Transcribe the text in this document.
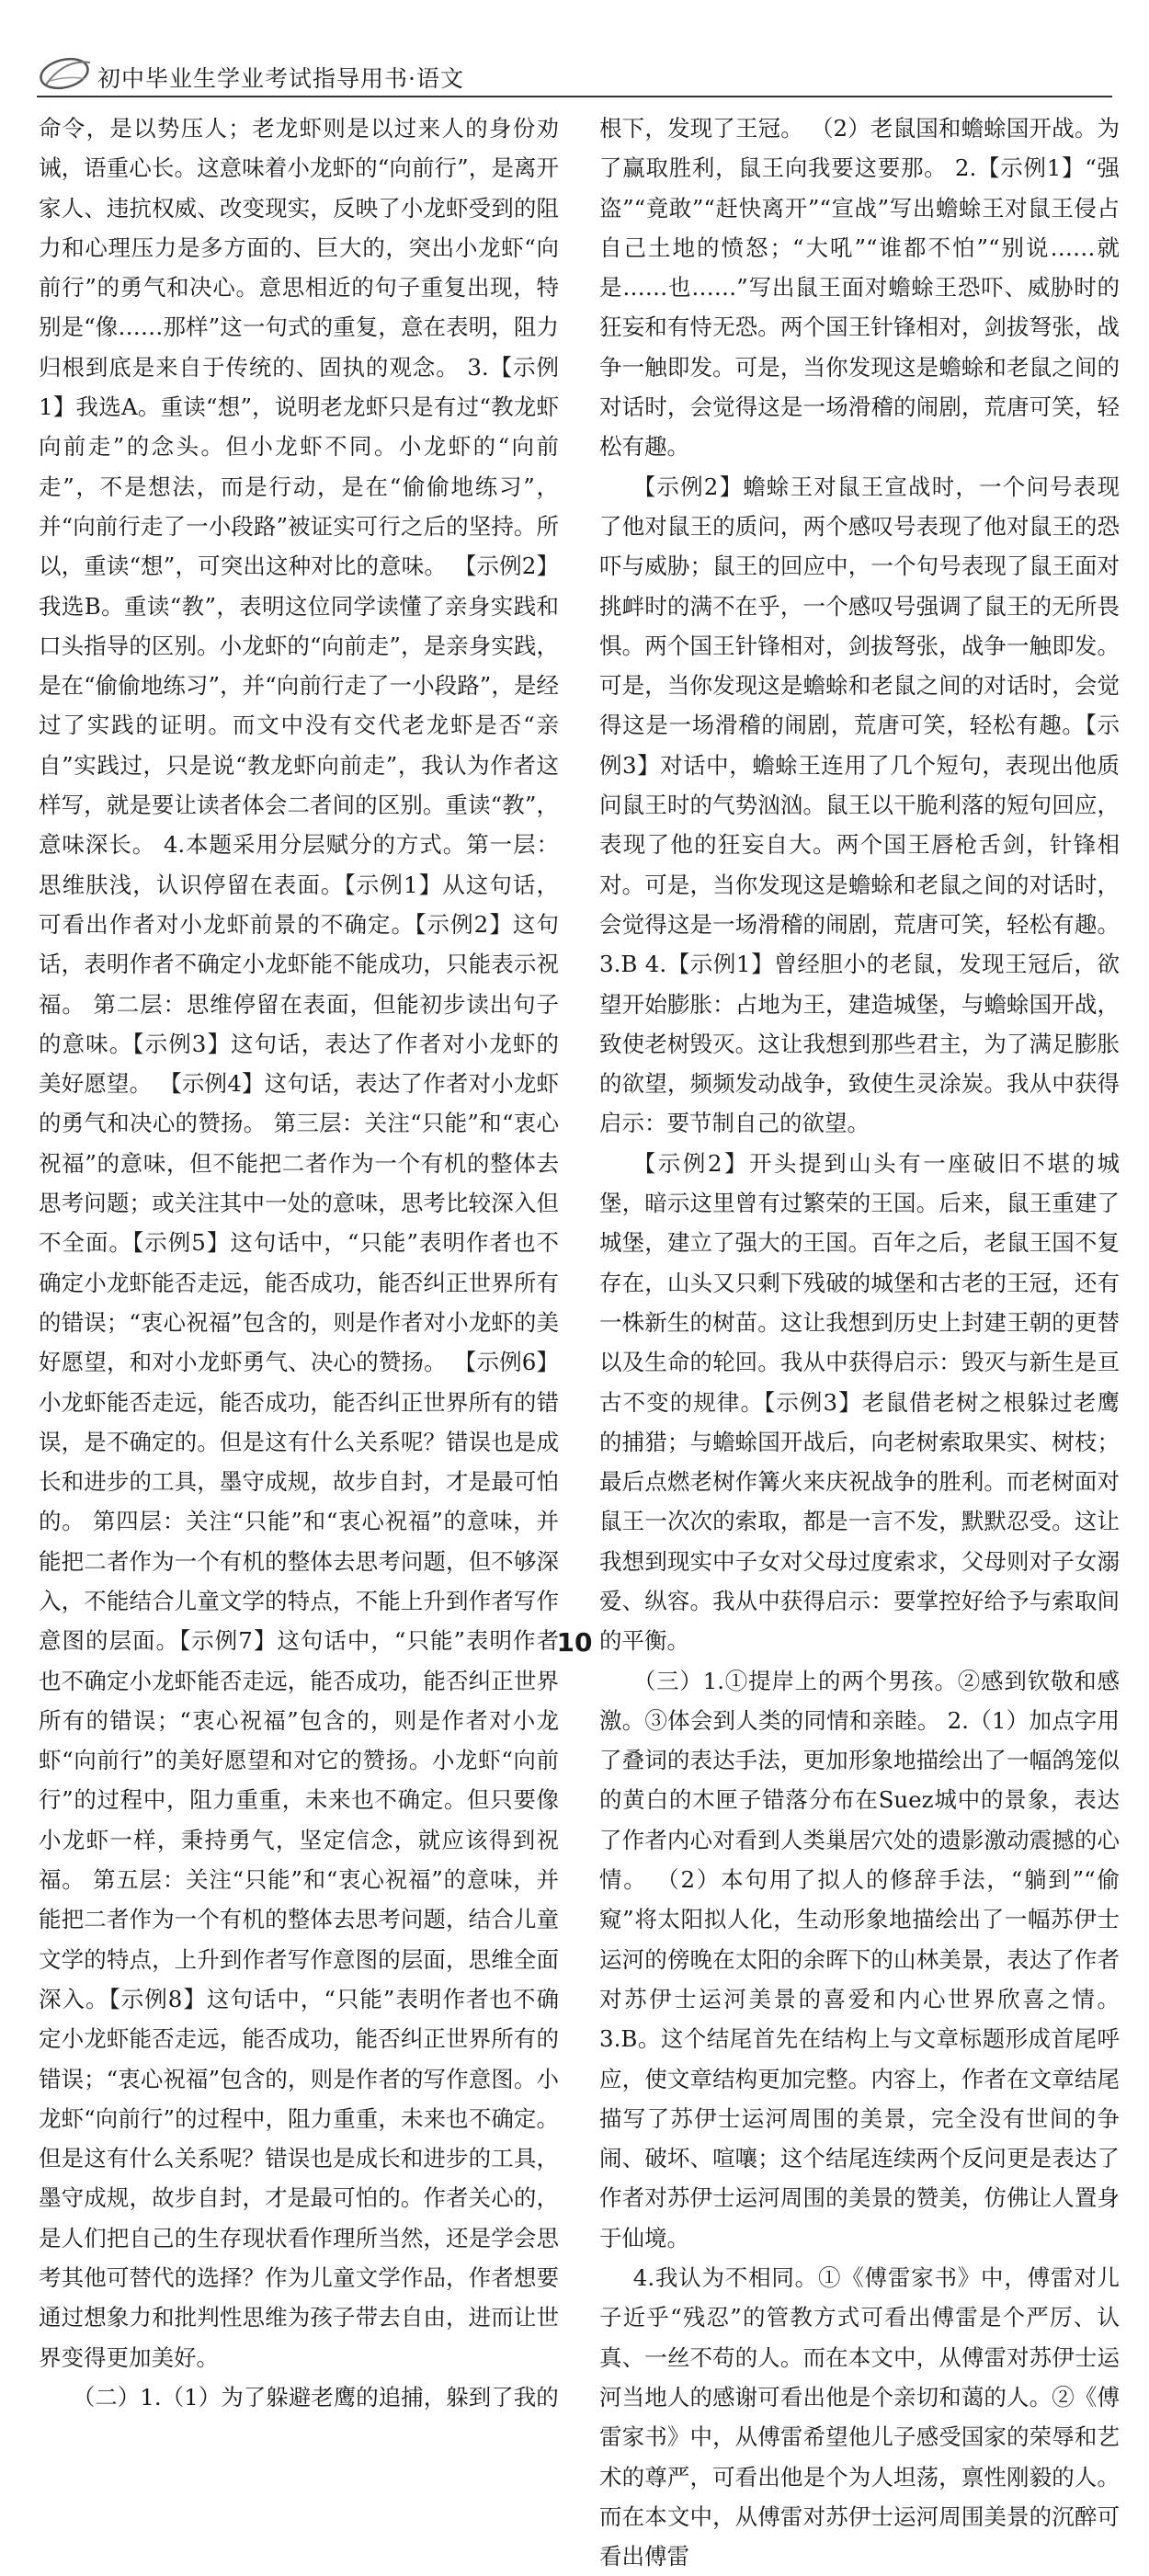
初中毕业生学业考试指导用书·语文

命令，是以势压人；老龙虾则是以过来人的身份劝诫，语重心长。这意味着小龙虾的“向前行”，是离开家人、违抗权威、改变现实，反映了小龙虾受到的阻力和心理压力是多方面的、巨大的，突出小龙虾“向前行”的勇气和决心。意思相近的句子重复出现，特别是“像……那样”这一句式的重复，意在表明，阻力归根到底是来自于传统的、固执的观念。 3.【示例1】我选A。重读“想”，说明老龙虾只是有过“教龙虾向前走”的念头。但小龙虾不同。小龙虾的“向前走”，不是想法，而是行动，是在“偷偷地练习”，并“向前行走了一小段路”被证实可行之后的坚持。所以，重读“想”，可突出这种对比的意味。 【示例2】我选B。重读“教”，表明这位同学读懂了亲身实践和口头指导的区别。小龙虾的“向前走”，是亲身实践，是在“偷偷地练习”，并“向前行走了一小段路”，是经过了实践的证明。而文中没有交代老龙虾是否“亲自”实践过，只是说“教龙虾向前走”，我认为作者这样写，就是要让读者体会二者间的区别。重读“教”，意味深长。 4.本题采用分层赋分的方式。第一层：思维肤浅，认识停留在表面。【示例1】从这句话，可看出作者对小龙虾前景的不确定。【示例2】这句话，表明作者不确定小龙虾能不能成功，只能表示祝福。 第二层：思维停留在表面，但能初步读出句子的意味。【示例3】这句话，表达了作者对小龙虾的美好愿望。 【示例4】这句话，表达了作者对小龙虾的勇气和决心的赞扬。 第三层：关注“只能”和“衷心祝福”的意味，但不能把二者作为一个有机的整体去思考问题；或关注其中一处的意味，思考比较深入但不全面。【示例5】这句话中，“只能”表明作者也不确定小龙虾能否走远，能否成功，能否纠正世界所有的错误；“衷心祝福”包含的，则是作者对小龙虾的美好愿望，和对小龙虾勇气、决心的赞扬。 【示例6】小龙虾能否走远，能否成功，能否纠正世界所有的错误，是不确定的。但是这有什么关系呢？错误也是成长和进步的工具，墨守成规，故步自封，才是最可怕的。 第四层：关注“只能”和“衷心祝福”的意味，并能把二者作为一个有机的整体去思考问题，但不够深入，不能结合儿童文学的特点，不能上升到作者写作意图的层面。【示例7】这句话中，“只能”表明作者也不确定小龙虾能否走远，能否成功，能否纠正世界所有的错误；“衷心祝福”包含的，则是作者对小龙虾“向前行”的美好愿望和对它的赞扬。小龙虾“向前行”的过程中，阻力重重，未来也不确定。但只要像小龙虾一样，秉持勇气，坚定信念，就应该得到祝福。 第五层：关注“只能”和“衷心祝福”的意味，并能把二者作为一个有机的整体去思考问题，结合儿童文学的特点，上升到作者写作意图的层面，思维全面深入。【示例8】这句话中，“只能”表明作者也不确定小龙虾能否走远，能否成功，能否纠正世界所有的错误；“衷心祝福”包含的，则是作者的写作意图。小龙虾“向前行”的过程中，阻力重重，未来也不确定。但是这有什么关系呢？错误也是成长和进步的工具，墨守成规，故步自封，才是最可怕的。作者关心的，是人们把自己的生存现状看作理所当然，还是学会思考其他可替代的选择？作为儿童文学作品，作者想要通过想象力和批判性思维为孩子带去自由，进而让世界变得更加美好。

（二）1.（1）为了躲避老鹰的追捕，躲到了我的

根下，发现了王冠。 （2）老鼠国和蟾蜍国开战。为了赢取胜利，鼠王向我要这要那。 2.【示例1】“强盗”“竟敢”“赶快离开”“宣战”写出蟾蜍王对鼠王侵占自己土地的愤怒；“大吼”“谁都不怕”“别说……就是……也……”写出鼠王面对蟾蜍王恐吓、威胁时的狂妄和有恃无恐。两个国王针锋相对，剑拔弩张，战争一触即发。可是，当你发现这是蟾蜍和老鼠之间的对话时，会觉得这是一场滑稽的闹剧，荒唐可笑，轻松有趣。

【示例2】蟾蜍王对鼠王宣战时，一个问号表现了他对鼠王的质问，两个感叹号表现了他对鼠王的恐吓与威胁；鼠王的回应中，一个句号表现了鼠王面对挑衅时的满不在乎，一个感叹号强调了鼠王的无所畏惧。两个国王针锋相对，剑拔弩张，战争一触即发。可是，当你发现这是蟾蜍和老鼠之间的对话时，会觉得这是一场滑稽的闹剧，荒唐可笑，轻松有趣。【示例3】对话中，蟾蜍王连用了几个短句，表现出他质问鼠王时的气势汹汹。鼠王以干脆利落的短句回应，表现了他的狂妄自大。两个国王唇枪舌剑，针锋相对。可是，当你发现这是蟾蜍和老鼠之间的对话时，会觉得这是一场滑稽的闹剧，荒唐可笑，轻松有趣。 3.B 4.【示例1】曾经胆小的老鼠，发现王冠后，欲望开始膨胀：占地为王，建造城堡，与蟾蜍国开战，致使老树毁灭。这让我想到那些君主，为了满足膨胀的欲望，频频发动战争，致使生灵涂炭。我从中获得启示：要节制自己的欲望。

【示例2】开头提到山头有一座破旧不堪的城堡，暗示这里曾有过繁荣的王国。后来，鼠王重建了城堡，建立了强大的王国。百年之后，老鼠王国不复存在，山头又只剩下残破的城堡和古老的王冠，还有一株新生的树苗。这让我想到历史上封建王朝的更替以及生命的轮回。我从中获得启示：毁灭与新生是亘古不变的规律。【示例3】老鼠借老树之根躲过老鹰的捕猎；与蟾蜍国开战后，向老树索取果实、树枝；最后点燃老树作篝火来庆祝战争的胜利。而老树面对鼠王一次次的索取，都是一言不发，默默忍受。这让我想到现实中子女对父母过度索求，父母则对子女溺爱、纵容。我从中获得启示：要掌控好给予与索取间的平衡。

（三）1.①提岸上的两个男孩。②感到钦敬和感激。③体会到人类的同情和亲睦。 2.（1）加点字用了叠词的表达手法，更加形象地描绘出了一幅鸽笼似的黄白的木匣子错落分布在Suez城中的景象，表达了作者内心对看到人类巢居穴处的遗影激动震撼的心情。 （2）本句用了拟人的修辞手法，“躺到”“偷窥”将太阳拟人化，生动形象地描绘出了一幅苏伊士运河的傍晚在太阳的余晖下的山林美景，表达了作者对苏伊士运河美景的喜爱和内心世界欣喜之情。 3.B。这个结尾首先在结构上与文章标题形成首尾呼应，使文章结构更加完整。内容上，作者在文章结尾描写了苏伊士运河周围的美景，完全没有世间的争闹、破坏、喧嚷；这个结尾连续两个反问更是表达了作者对苏伊士运河周围的美景的赞美，仿佛让人置身于仙境。

4.我认为不相同。①《傅雷家书》中，傅雷对儿子近乎“残忍”的管教方式可看出傅雷是个严厉、认真、一丝不苟的人。而在本文中，从傅雷对苏伊士运河当地人的感谢可看出他是个亲切和蔼的人。②《傅雷家书》中，从傅雷希望他儿子感受国家的荣辱和艺术的尊严，可看出他是个为人坦荡，禀性刚毅的人。而在本文中，从傅雷对苏伊士运河周围美景的沉醉可看出傅雷

10
